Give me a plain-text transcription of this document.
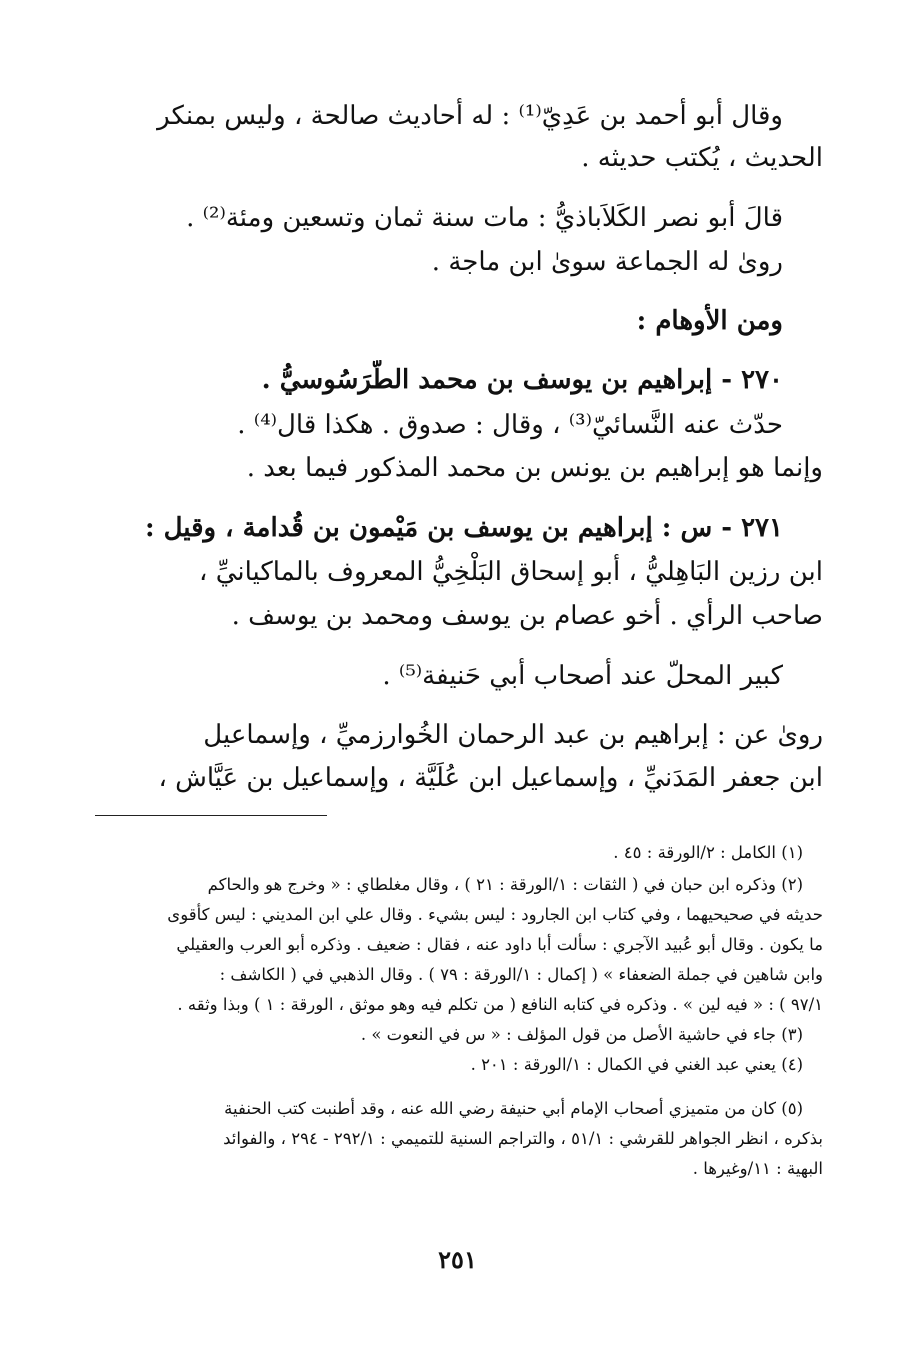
وقال أبو أحمد بن عَدِيّ⁽¹⁾ : له أحاديث صالحة ، وليس بمنكر
الحديث ، يُكتب حديثه .
قالَ أبو نصر الكَلاَباذيُّ : مات سنة ثمان وتسعين ومئة⁽²⁾ .
روىٰ له الجماعة سوىٰ ابن ماجة .
ومن الأوهام :
٢٧٠ - إبراهيم بن يوسف بن محمد الطَّرَسُوسيُّ .
حدّث عنه النَّسائيّ⁽³⁾ ، وقال : صدوق . هكذا قال⁽⁴⁾ .
وإنما هو إبراهيم بن يونس بن محمد المذكور فيما بعد .
٢٧١ - س : إبراهيم بن يوسف بن مَيْمون بن قُدامة ، وقيل :
ابن رزين البَاهِليُّ ، أبو إسحاق البَلْخِيُّ المعروف بالماكيانيِّ ،
صاحب الرأي . أخو عصام بن يوسف ومحمد بن يوسف .
كبير المحلّ عند أصحاب أبي حَنيفة⁽⁵⁾ .
روىٰ عن : إبراهيم بن عبد الرحمان الخُوارزميِّ ، وإسماعيل
ابن جعفر المَدَنيِّ ، وإسماعيل ابن عُلَيَّة ، وإسماعيل بن عَيَّاش ،
(١) الكامل : ٢/الورقة : ٤٥ .
(٢) وذكره ابن حبان في ( الثقات : ١/الورقة : ٢١ ) ، وقال مغلطاي : « وخرج هو والحاكم
حديثه في صحيحيهما ، وفي كتاب ابن الجارود : ليس بشيء . وقال علي ابن المديني : ليس كأقوى
ما يكون . وقال أبو عُبيد الآجري : سألت أبا داود عنه ، فقال : ضعيف . وذكره أبو العرب والعقيلي
وابن شاهين في جملة الضعفاء » ( إكمال : ١/الورقة : ٧٩ ) . وقال الذهبي في ( الكاشف :
٩٧/١ ) : « فيه لين » . وذكره في كتابه النافع ( من تكلم فيه وهو موثق ، الورقة : ١ ) وبذا وثقه .
(٣) جاء في حاشية الأصل من قول المؤلف : « س في النعوت » .
(٤) يعني عبد الغني في الكمال : ١/الورقة : ٢٠١ .
(٥) كان من متميزي أصحاب الإمام أبي حنيفة رضي الله عنه ، وقد أطنبت كتب الحنفية
بذكره ، انظر الجواهر للقرشي : ٥١/١ ، والتراجم السنية للتميمي : ٢٩٢/١ - ٢٩٤ ، والفوائد
البهية : ١١/وغيرها .
٢٥١
